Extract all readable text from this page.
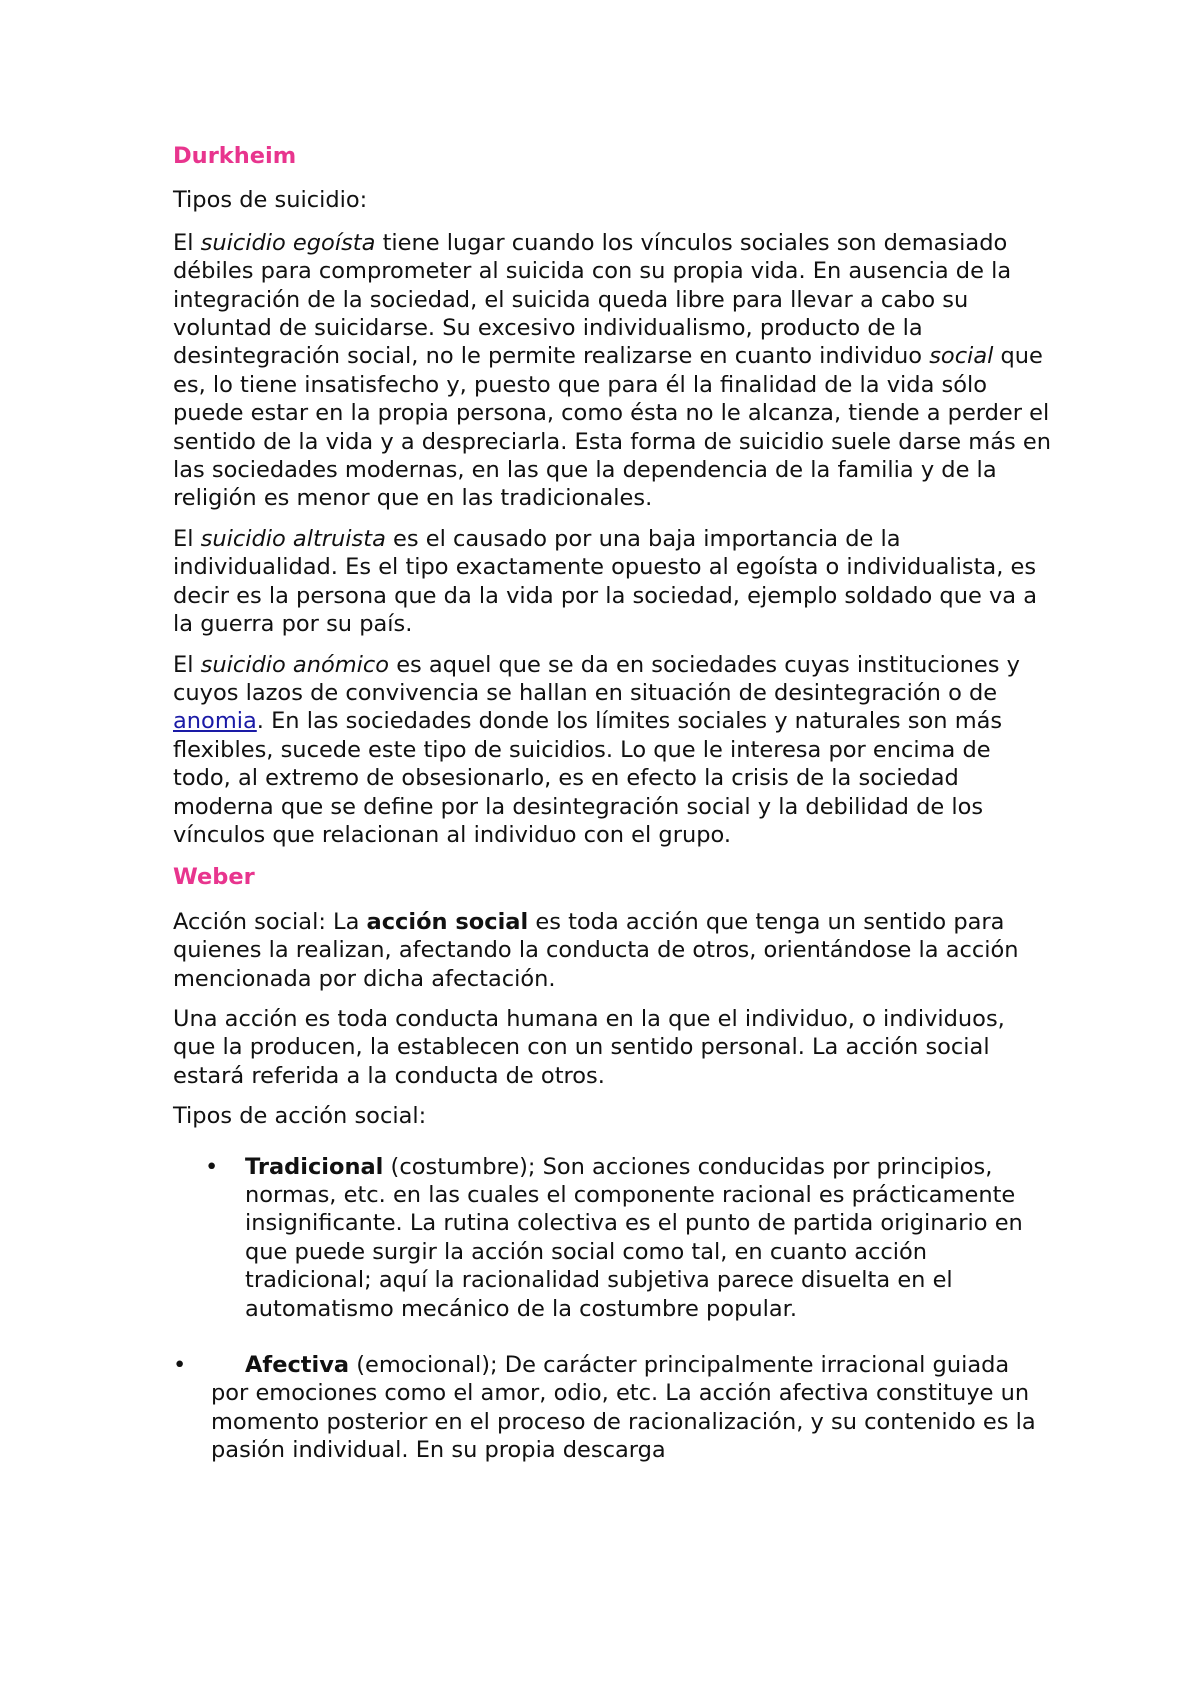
Durkheim

Tipos de suicidio:

El suicidio egoísta tiene lugar cuando los vínculos sociales son demasiado débiles para comprometer al suicida con su propia vida. En ausencia de la integración de la sociedad, el suicida queda libre para llevar a cabo su voluntad de suicidarse. Su excesivo individualismo, producto de la desintegración social, no le permite realizarse en cuanto individuo social que es, lo tiene insatisfecho y, puesto que para él la finalidad de la vida sólo puede estar en la propia persona, como ésta no le alcanza, tiende a perder el sentido de la vida y a despreciarla. Esta forma de suicidio suele darse más en las sociedades modernas, en las que la dependencia de la familia y de la religión es menor que en las tradicionales.

El suicidio altruista es el causado por una baja importancia de la individualidad. Es el tipo exactamente opuesto al egoísta o individualista, es decir es la persona que da la vida por la sociedad, ejemplo soldado que va a la guerra por su país.

El suicidio anómico es aquel que se da en sociedades cuyas instituciones y cuyos lazos de convivencia se hallan en situación de desintegración o de anomia. En las sociedades donde los límites sociales y naturales son más flexibles, sucede este tipo de suicidios. Lo que le interesa por encima de todo, al extremo de obsesionarlo, es en efecto la crisis de la sociedad moderna que se define por la desintegración social y la debilidad de los vínculos que relacionan al individuo con el grupo.

Weber

Acción social: La acción social es toda acción que tenga un sentido para quienes la realizan, afectando la conducta de otros, orientándose la acción mencionada por dicha afectación.

Una acción es toda conducta humana en la que el individuo, o individuos, que la producen, la establecen con un sentido personal. La acción social estará referida a la conducta de otros.

Tipos de acción social:

• Tradicional (costumbre); Son acciones conducidas por principios, normas, etc. en las cuales el componente racional es prácticamente insignificante. La rutina colectiva es el punto de partida originario en que puede surgir la acción social como tal, en cuanto acción tradicional; aquí la racionalidad subjetiva parece disuelta en el automatismo mecánico de la costumbre popular.
•	Afectiva (emocional); De carácter principalmente irracional guiada por emociones como el amor, odio, etc. La acción afectiva constituye un momento posterior en el proceso de racionalización, y su contenido es la pasión individual. En su propia descarga
